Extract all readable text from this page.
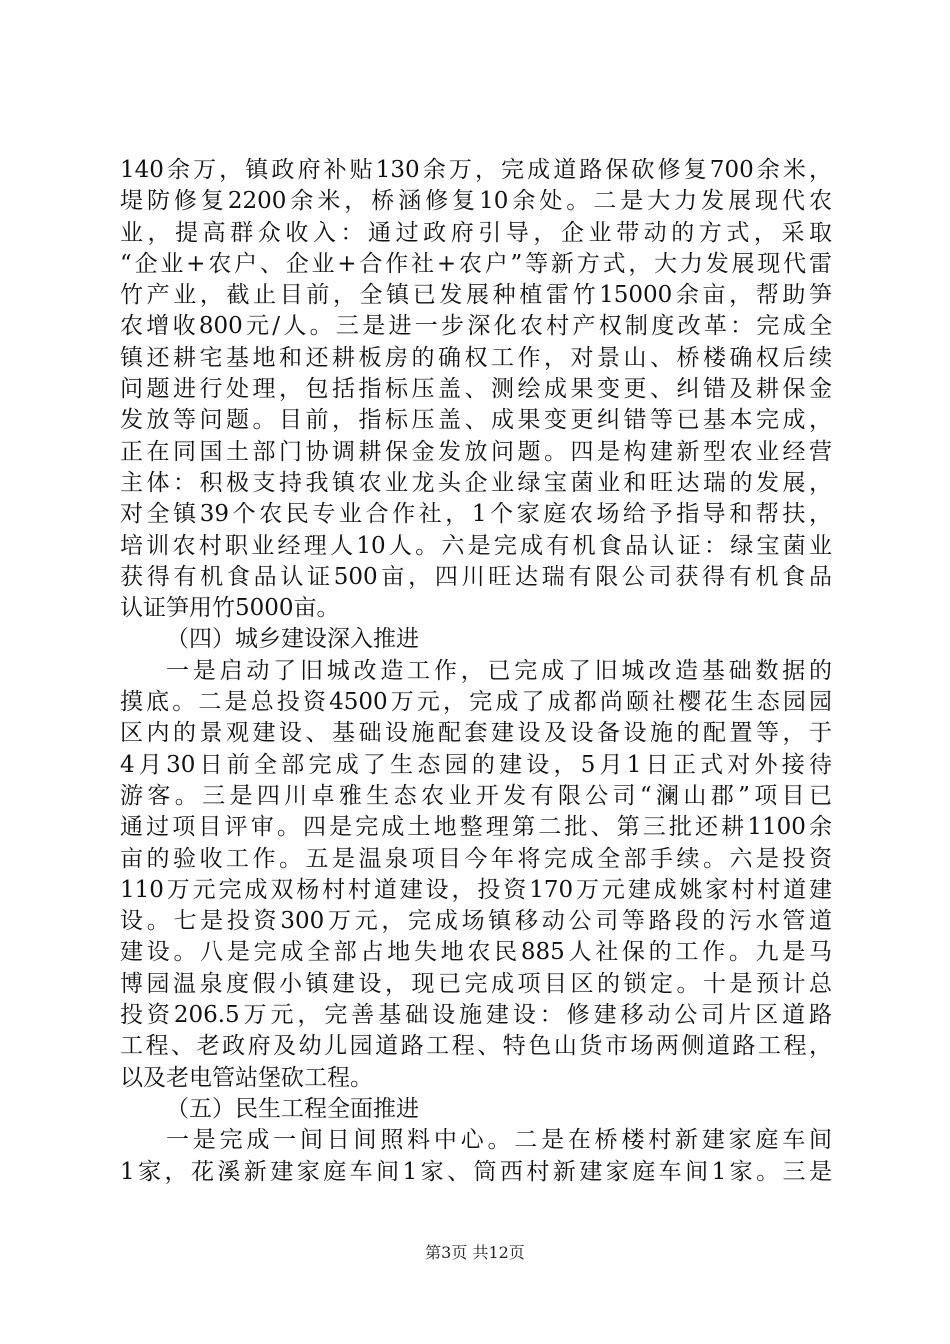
140余万，镇政府补贴130余万，完成道路保砍修复700余米，
堤防修复2200余米，桥涵修复10余处。二是大力发展现代农
业，提高群众收入：通过政府引导，企业带动的方式，采取
“企业+农户、企业+合作社+农户”等新方式，大力发展现代雷
竹产业，截止目前，全镇已发展种植雷竹15000余亩，帮助笋
农增收800元/人。三是进一步深化农村产权制度改革：完成全
镇还耕宅基地和还耕板房的确权工作，对景山、桥楼确权后续
问题进行处理，包括指标压盖、测绘成果变更、纠错及耕保金
发放等问题。目前，指标压盖、成果变更纠错等已基本完成，
正在同国土部门协调耕保金发放问题。四是构建新型农业经营
主体：积极支持我镇农业龙头企业绿宝菌业和旺达瑞的发展，
对全镇39个农民专业合作社，1个家庭农场给予指导和帮扶，
培训农村职业经理人10人。六是完成有机食品认证：绿宝菌业
获得有机食品认证500亩，四川旺达瑞有限公司获得有机食品
认证笋用竹5000亩。
（四）城乡建设深入推进
一是启动了旧城改造工作，已完成了旧城改造基础数据的
摸底。二是总投资4500万元，完成了成都尚颐社樱花生态园园
区内的景观建设、基础设施配套建设及设备设施的配置等，于
4月30日前全部完成了生态园的建设，5月1日正式对外接待
游客。三是四川卓雅生态农业开发有限公司“澜山郡”项目已
通过项目评审。四是完成土地整理第二批、第三批还耕1100余
亩的验收工作。五是温泉项目今年将完成全部手续。六是投资
110万元完成双杨村村道建设，投资170万元建成姚家村村道建
设。七是投资300万元，完成场镇移动公司等路段的污水管道
建设。八是完成全部占地失地农民885人社保的工作。九是马
博园温泉度假小镇建设，现已完成项目区的锁定。十是预计总
投资206.5万元，完善基础设施建设：修建移动公司片区道路
工程、老政府及幼儿园道路工程、特色山货市场两侧道路工程，
以及老电管站堡砍工程。
（五）民生工程全面推进
一是完成一间日间照料中心。二是在桥楼村新建家庭车间
1家，花溪新建家庭车间1家、筒西村新建家庭车间1家。三是
第3页 共12页
